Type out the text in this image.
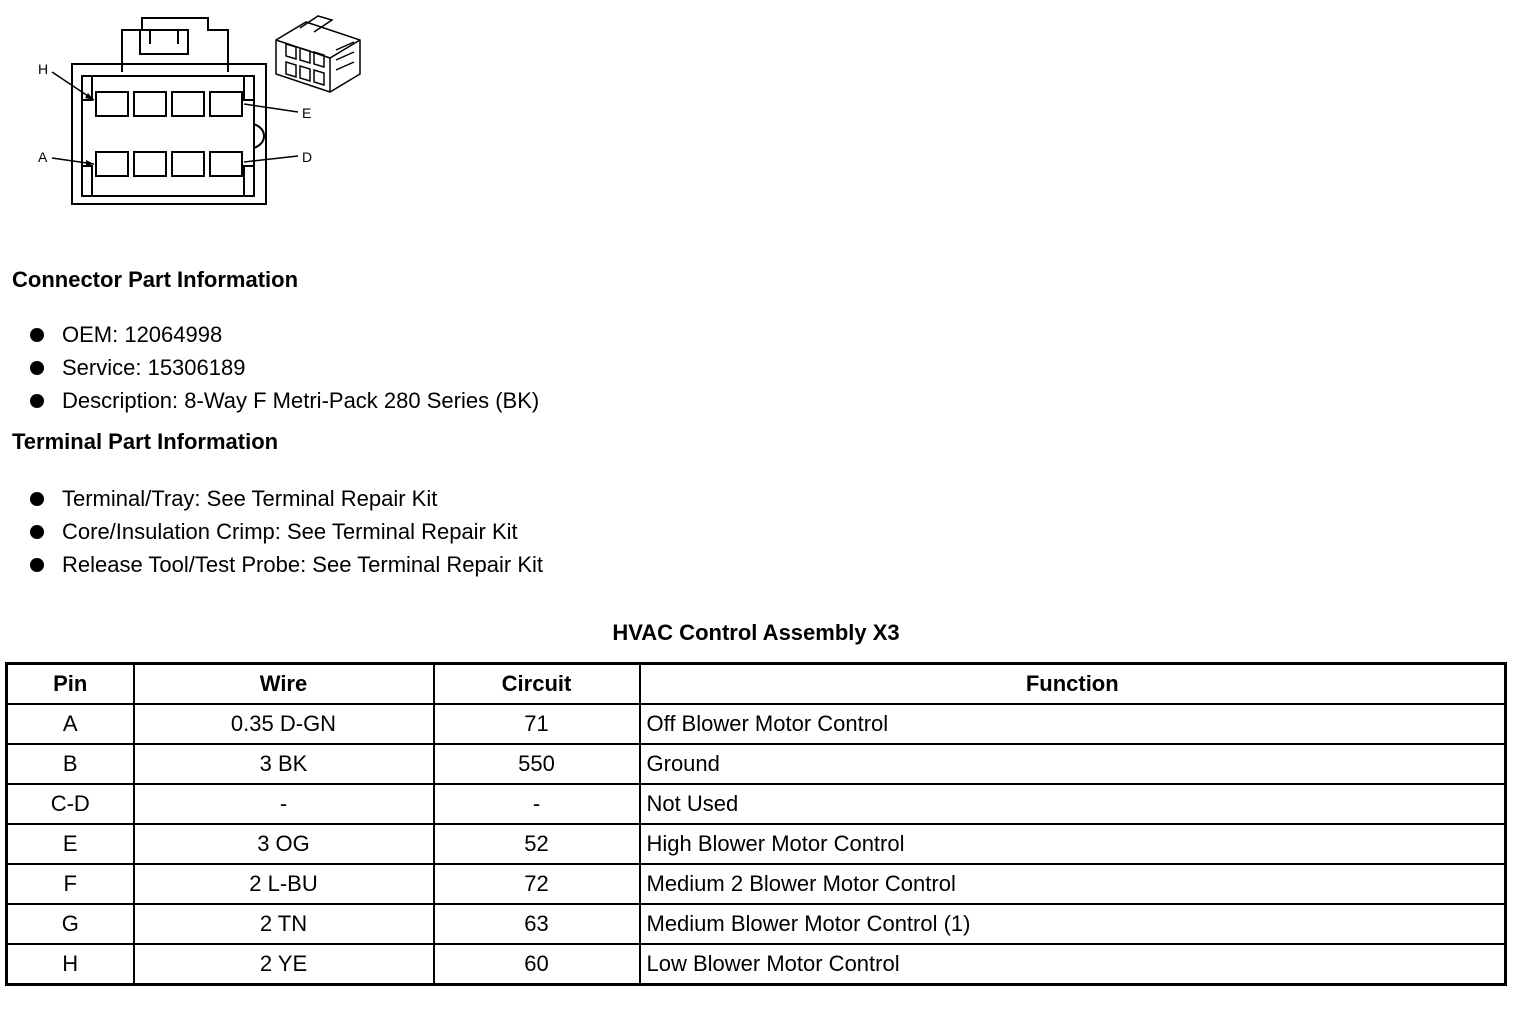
H
E
A	D
Connector Part Information
OEM: 12064998
Service: 15306189
Description: 8-Way F Metri-Pack 280 Series (BK)
Terminal Part Information
Terminal/Tray: See Terminal Repair Kit
Core/Insulation Crimp: See Terminal Repair Kit
Release Tool/Test Probe: See Terminal Repair Kit
HVAC Control Assembly X3
Pin	Wire	Circuit	Function
A	0.35 D-GN	71	Off Blower Motor Control
B	3 BK	550	Ground
C-D	-	-	Not Used
E	3 OG	52	High Blower Motor Control
F	2 L-BU	72	Medium 2 Blower Motor Control
G	2 TN	63	Medium Blower Motor Control (1)
H	2 YE	60	Low Blower Motor Control
